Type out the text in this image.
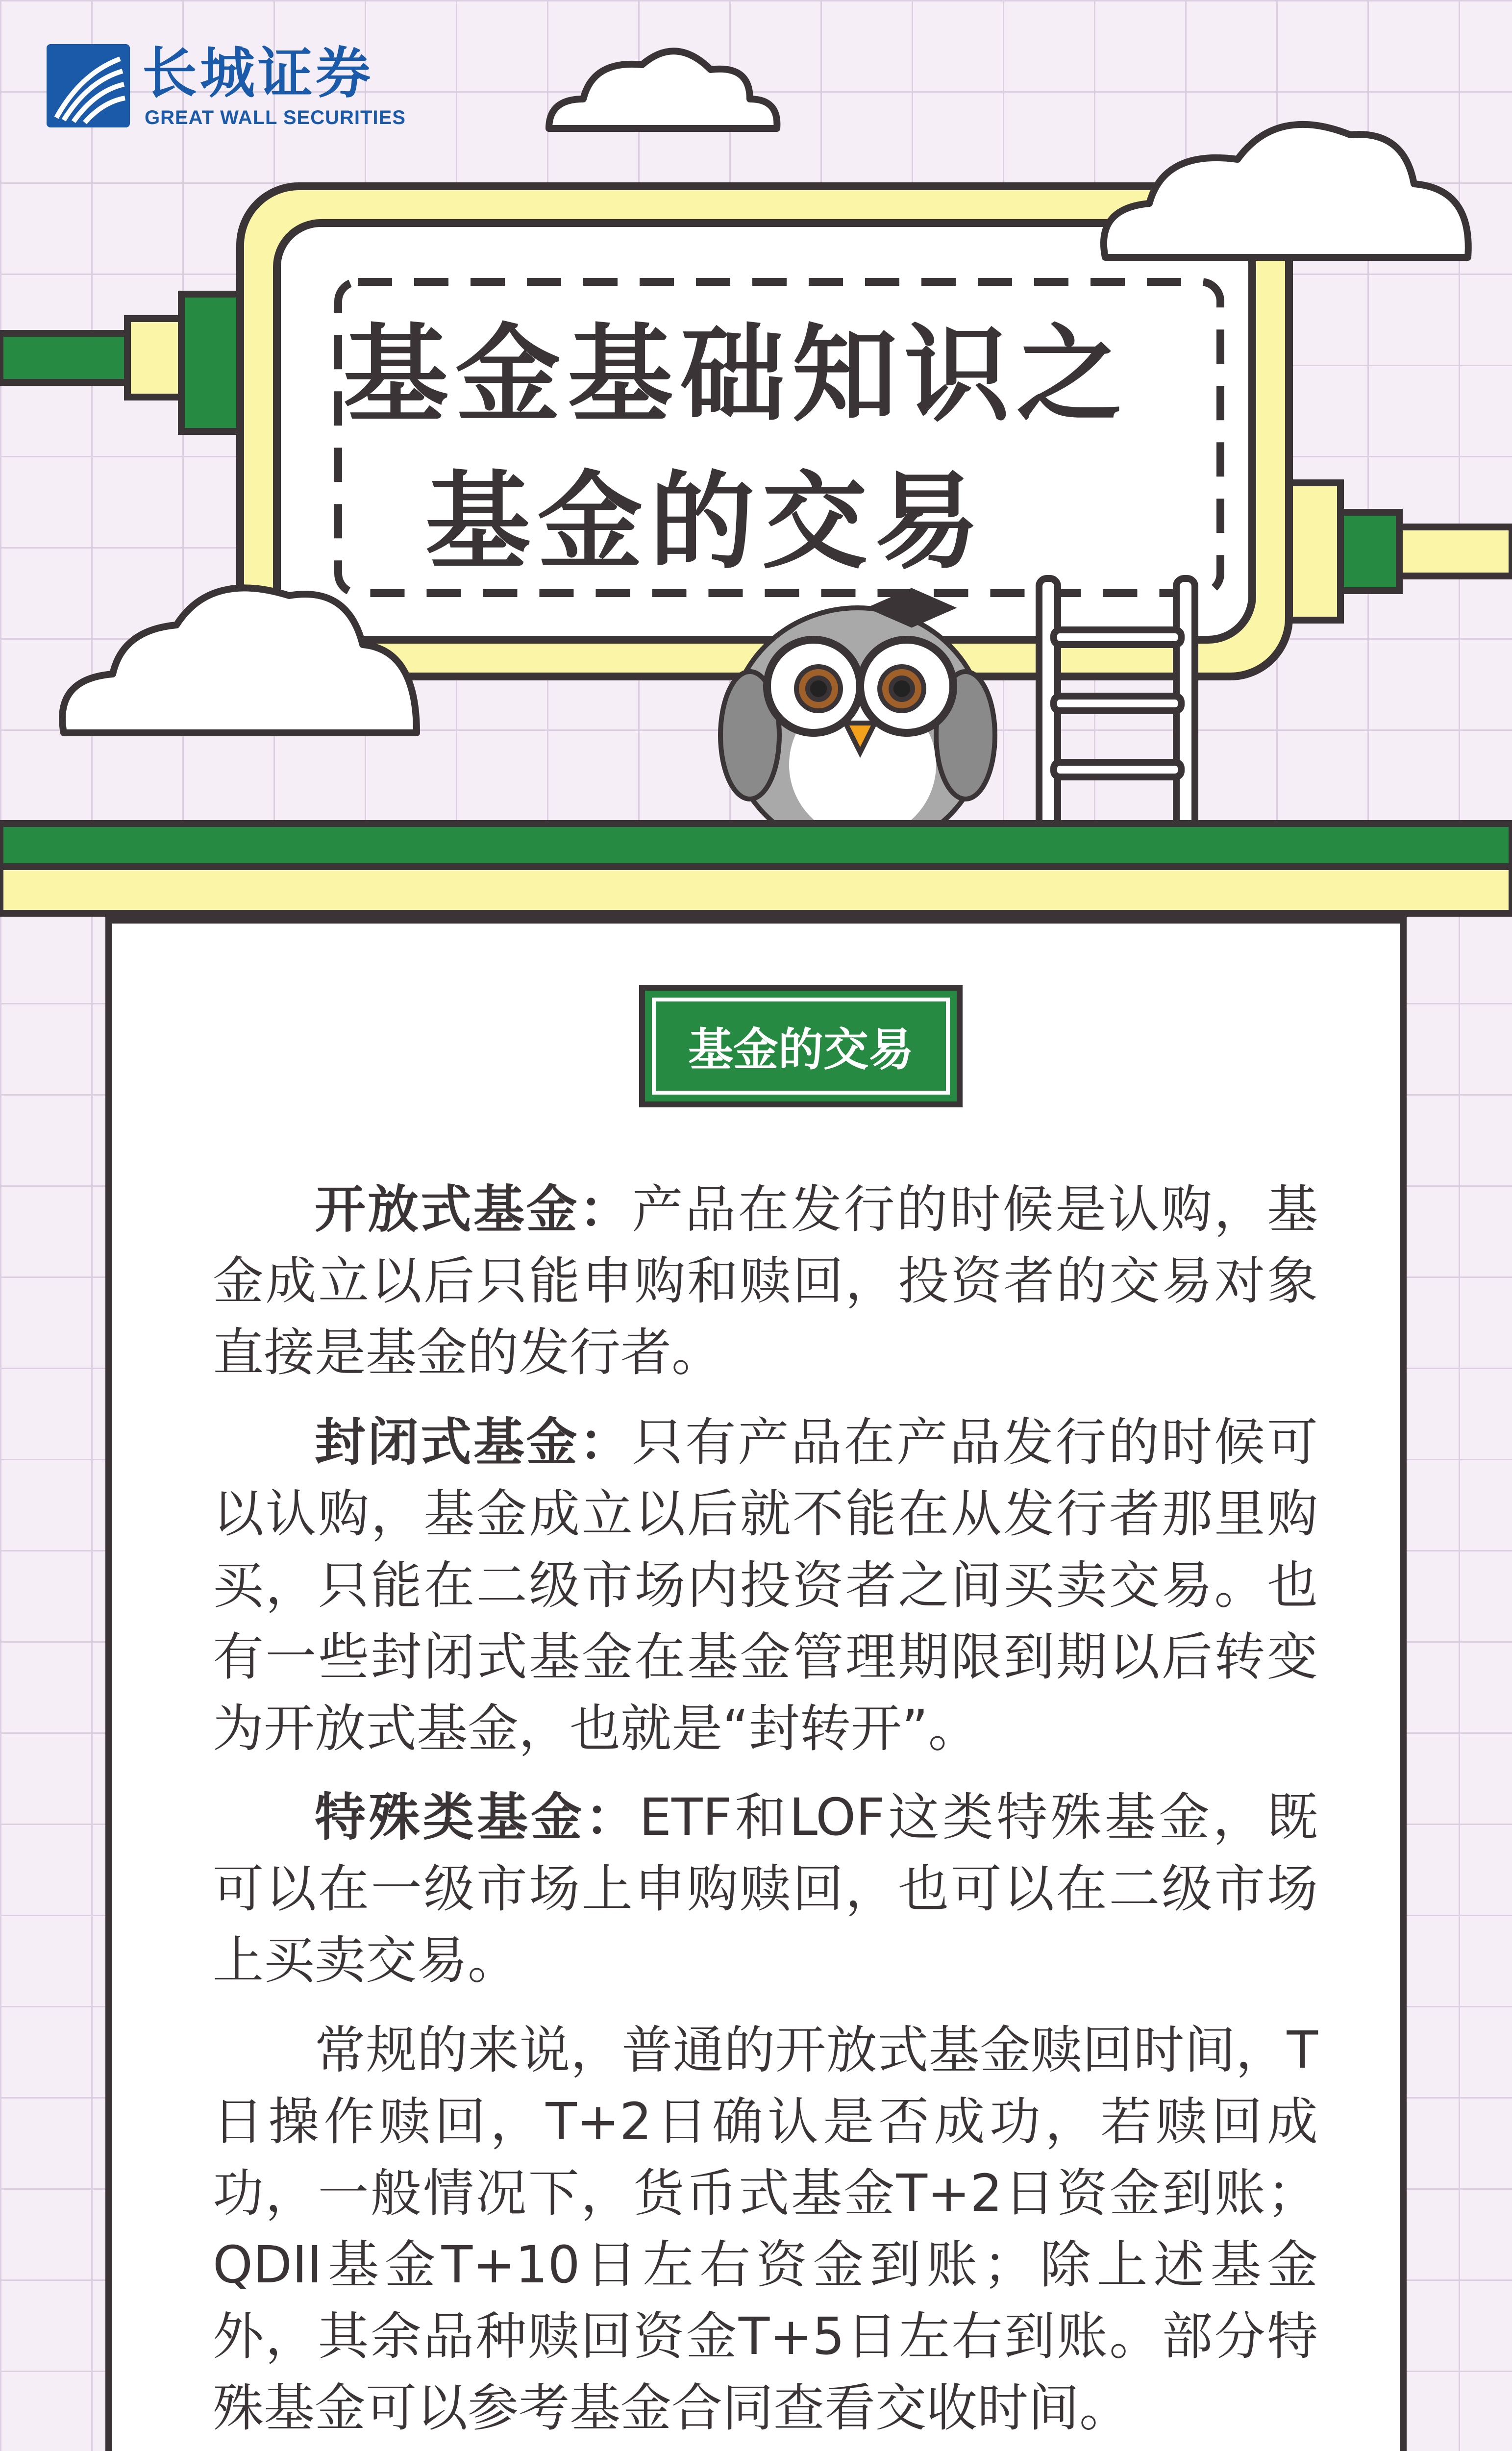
长城证券
GREAT WALL SECURITIES
基金基础知识之
基金的交易
基金的交易

开放式基金：产品在发行的时候是认购，基金成立以后只能申购和赎回，投资者的交易对象直接是基金的发行者。

封闭式基金：只有产品在产品发行的时候可以认购，基金成立以后就不能在从发行者那里购买，只能在二级市场内投资者之间买卖交易。也有一些封闭式基金在基金管理期限到期以后转变为开放式基金，也就是“封转开”。

特殊类基金：ETF和LOF这类特殊基金，既可以在一级市场上申购赎回，也可以在二级市场上买卖交易。

常规的来说，普通的开放式基金赎回时间，T日操作赎回，T+2日确认是否成功，若赎回成功，一般情况下，货币式基金T+2日资金到账；QDII基金T+10日左右资金到账；除上述基金外，其余品种赎回资金T+5日左右到账。部分特殊基金可以参考基金合同查看交收时间。
